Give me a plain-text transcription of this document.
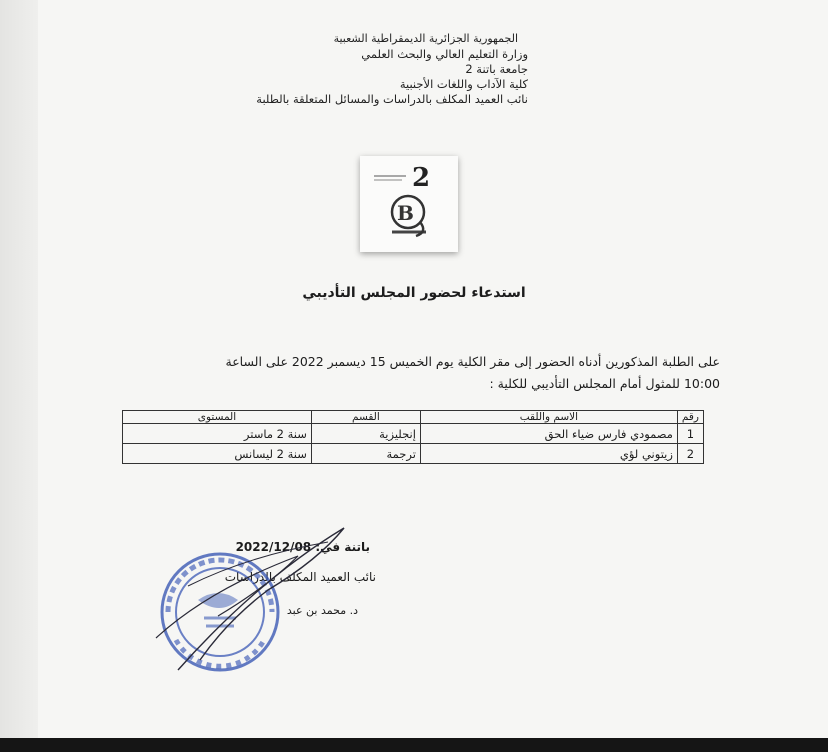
الجمهورية الجزائرية الديمقراطية الشعبية
وزارة التعليم العالي والبحث العلمي
جامعة باتنة 2
كلية الآداب واللغات الأجنبية
نائب العميد المكلف بالدراسات والمسائل المتعلقة بالطلبة
2
B
استدعاء لحضور المجلس التأديبي
على الطلبة المذكورين أدناه الحضور إلى مقر الكلية يوم الخميس 15 ديسمبر 2022 على الساعة
10:00 للمثول أمام المجلس التأديبي للكلية :
رقم	الاسم واللقب	القسم	المستوى
1	مصمودي فارس ضياء الحق	إنجليزية	سنة 2 ماستر
2	زيتوني لؤي	ترجمة	سنة 2 ليسانس
باتنة في: 2022/12/08
نائب العميد المكلف بالدراسات
د. محمد بن عبد
